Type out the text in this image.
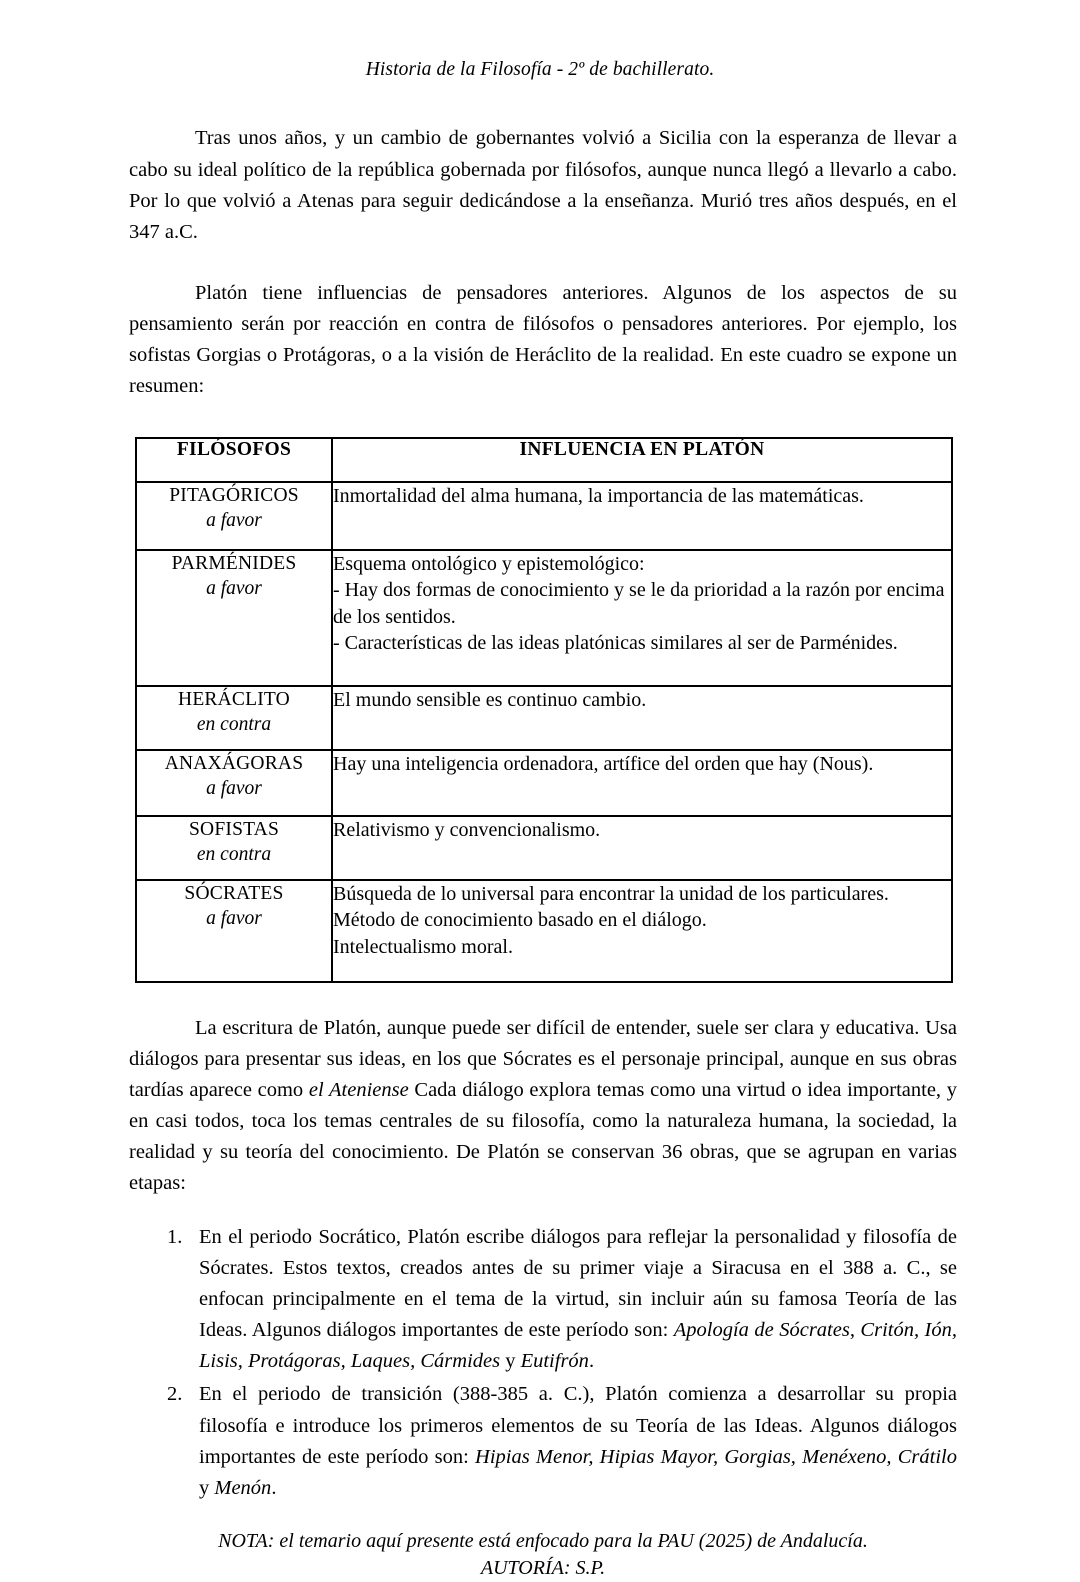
Historia de la Filosofía - 2º de bachillerato.

Tras unos años, y un cambio de gobernantes volvió a Sicilia con la esperanza de llevar a cabo su ideal político de la república gobernada por filósofos, aunque nunca llegó a llevarlo a cabo. Por lo que volvió a Atenas para seguir dedicándose a la enseñanza. Murió tres años después, en el 347 a.C.

Platón tiene influencias de pensadores anteriores. Algunos de los aspectos de su pensamiento serán por reacción en contra de filósofos o pensadores anteriores. Por ejemplo, los sofistas Gorgias o Protágoras, o a la visión de Heráclito de la realidad. En este cuadro se expone un resumen:

FILÓSOFOS	INFLUENCIA EN PLATÓN

PITAGÓRICOS
a favor	Inmortalidad del alma humana, la importancia de las matemáticas.

PARMÉNIDES
a favor	Esquema ontológico y epistemológico:
- Hay dos formas de conocimiento y se le da prioridad a la razón por encima de los sentidos.
- Características de las ideas platónicas similares al ser de Parménides.

HERÁCLITO
en contra	El mundo sensible es continuo cambio.

ANAXÁGORAS
a favor	Hay una inteligencia ordenadora, artífice del orden que hay (Nous).

SOFISTAS
en contra	Relativismo y convencionalismo.

SÓCRATES
a favor	Búsqueda de lo universal para encontrar la unidad de los particulares.
Método de conocimiento basado en el diálogo.
Intelectualismo moral.

La escritura de Platón, aunque puede ser difícil de entender, suele ser clara y educativa. Usa diálogos para presentar sus ideas, en los que Sócrates es el personaje principal, aunque en sus obras tardías aparece como el Ateniense Cada diálogo explora temas como una virtud o idea importante, y en casi todos, toca los temas centrales de su filosofía, como la naturaleza humana, la sociedad, la realidad y su teoría del conocimiento. De Platón se conservan 36 obras, que se agrupan en varias etapas:

En el periodo Socrático, Platón escribe diálogos para reflejar la personalidad y filosofía de Sócrates. Estos textos, creados antes de su primer viaje a Siracusa en el 388 a. C., se enfocan principalmente en el tema de la virtud, sin incluir aún su famosa Teoría de las Ideas. Algunos diálogos importantes de este período son: Apología de Sócrates, Critón, Ión, Lisis, Protágoras, Laques, Cármides y Eutifrón.
En el periodo de transición (388-385 a. C.), Platón comienza a desarrollar su propia filosofía e introduce los primeros elementos de su Teoría de las Ideas. Algunos diálogos importantes de este período son: Hipias Menor, Hipias Mayor, Gorgias, Menéxeno, Crátilo y Menón.
NOTA: el temario aquí presente está enfocado para la PAU (2025) de Andalucía.
AUTORÍA: S.P.
